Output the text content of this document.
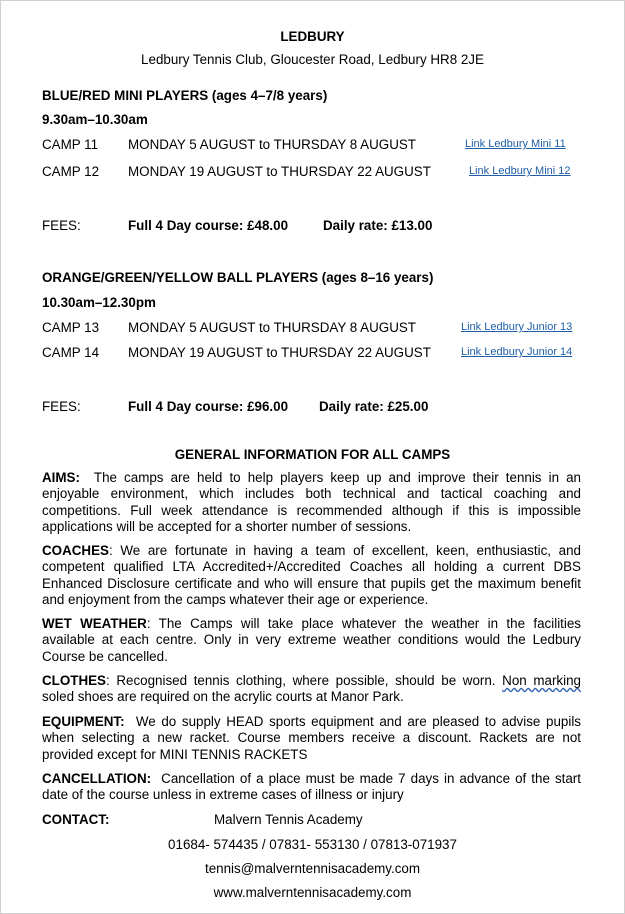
LEDBURY
Ledbury Tennis Club, Gloucester Road, Ledbury HR8 2JE
BLUE/RED MINI PLAYERS (ages 4–7/8 years)
9.30am–10.30am
CAMP 11 MONDAY 5 AUGUST to THURSDAY 8 AUGUST	Link Ledbury Mini 11
CAMP 12 MONDAY 19 AUGUST to THURSDAY 22 AUGUST	Link Ledbury Mini 12
FEES:	Full 4 Day course: £48.00	Daily rate: £13.00
ORANGE/GREEN/YELLOW BALL PLAYERS (ages 8–16 years)
10.30am–12.30pm
CAMP 13 MONDAY 5 AUGUST to THURSDAY 8 AUGUST	Link Ledbury Junior 13
CAMP 14 MONDAY 19 AUGUST to THURSDAY 22 AUGUST	Link Ledbury Junior 14
FEES:	Full 4 Day course: £96.00 Daily rate: £25.00
GENERAL INFORMATION FOR ALL CAMPS
AIMS: The camps are held to help players keep up and improve their tennis in an enjoyable environment, which includes both technical and tactical coaching and competitions. Full week attendance is recommended although if this is impossible applications will be accepted for a shorter number of sessions.
COACHES: We are fortunate in having a team of excellent, keen, enthusiastic, and competent qualified LTA Accredited+/Accredited Coaches all holding a current DBS Enhanced Disclosure certificate and who will ensure that pupils get the maximum benefit and enjoyment from the camps whatever their age or experience.
WET WEATHER: The Camps will take place whatever the weather in the facilities available at each centre. Only in very extreme weather conditions would the Ledbury Course be cancelled.
CLOTHES: Recognised tennis clothing, where possible, should be worn. Non marking soled shoes are required on the acrylic courts at Manor Park.
EQUIPMENT: We do supply HEAD sports equipment and are pleased to advise pupils when selecting a new racket. Course members receive a discount. Rackets are not provided except for MINI TENNIS RACKETS
CANCELLATION: Cancellation of a place must be made 7 days in advance of the start date of the course unless in extreme cases of illness or injury
CONTACT:	Malvern Tennis Academy
01684- 574435 / 07831- 553130 / 07813-071937
tennis@malverntennisacademy.com
www.malverntennisacademy.com
